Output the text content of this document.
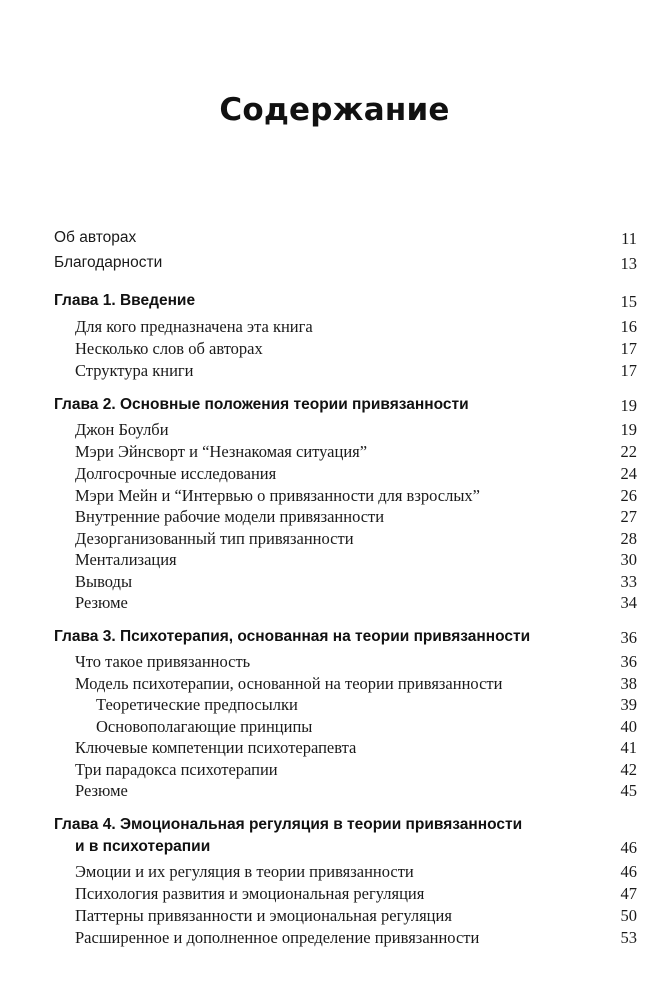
Содержание
Об авторах	11
Благодарности	13
Глава 1. Введение	15
Для кого предназначена эта книга	16
Несколько слов об авторах	17
Структура книги	17
Глава 2. Основные положения теории привязанности	19
Джон Боулби	19
Мэри Эйнсворт и “Незнакомая ситуация”	22
Долгосрочные исследования	24
Мэри Мейн и “Интервью о привязанности для взрослых”	26
Внутренние рабочие модели привязанности	27
Дезорганизованный тип привязанности	28
Ментализация	30
Выводы	33
Резюме	34
Глава 3. Психотерапия, основанная на теории привязанности	36
Что такое привязанность	36
Модель психотерапии, основанной на теории привязанности	38
Теоретические предпосылки	39
Основополагающие принципы	40
Ключевые компетенции психотерапевта	41
Три парадокса психотерапии	42
Резюме	45
Глава 4. Эмоциональная регуляция в теории привязанности
и в психотерапии	46
Эмоции и их регуляция в теории привязанности	46
Психология развития и эмоциональная регуляция	47
Паттерны привязанности и эмоциональная регуляция	50
Расширенное и дополненное определение привязанности	53
